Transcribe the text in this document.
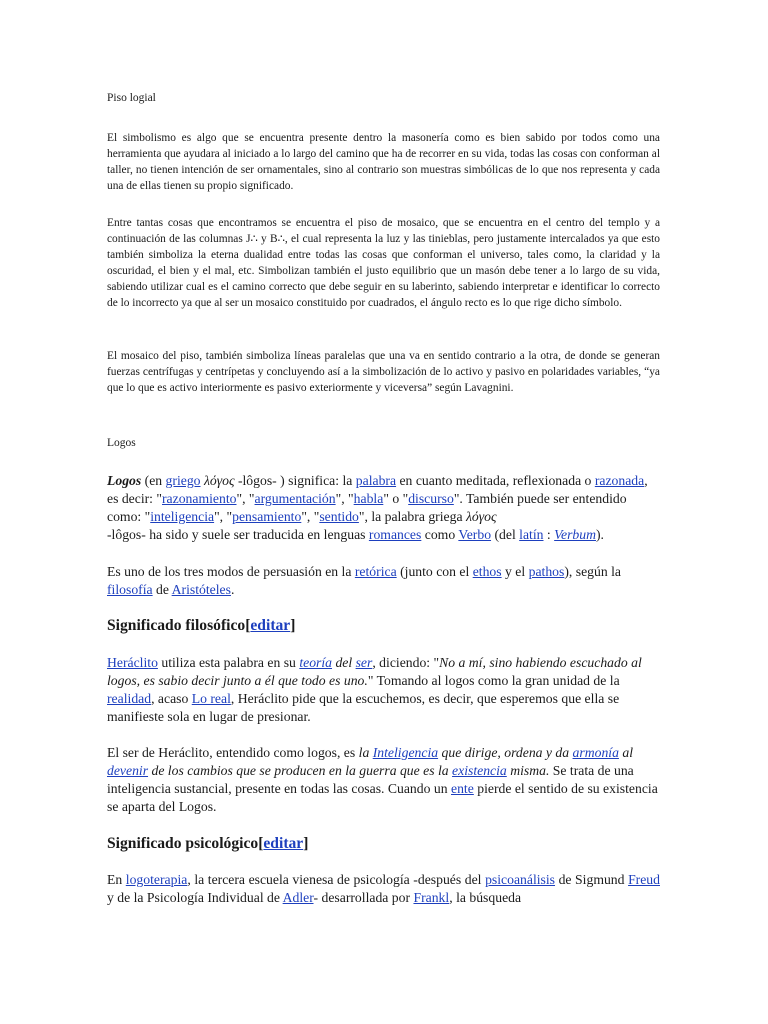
Piso logial
El simbolismo es algo que se encuentra presente dentro la masonería como es bien sabido por todos como una herramienta que ayudara al iniciado a lo largo del camino que ha de recorrer en su vida, todas las cosas con conforman al taller, no tienen intención de ser ornamentales, sino al contrario son muestras simbólicas de lo que nos representa y cada una de ellas tienen su propio significado.
Entre tantas cosas que encontramos se encuentra el piso de mosaico, que se encuentra en el centro del templo y a continuación de las columnas J∴ y B∴, el cual representa la luz y las tinieblas, pero justamente intercalados ya que esto también simboliza la eterna dualidad entre todas las cosas que conforman el universo, tales como, la claridad y la oscuridad, el bien y el mal, etc. Simbolizan también el justo equilibrio que un masón debe tener a lo largo de su vida, sabiendo utilizar cual es el camino correcto que debe seguir en su laberinto, sabiendo interpretar e identificar lo correcto de lo incorrecto ya que al ser un mosaico constituido por cuadrados, el ángulo recto es lo que rige dicho símbolo.
El mosaico del piso, también simboliza líneas paralelas que una va en sentido contrario a la otra, de donde se generan fuerzas centrífugas y centrípetas y concluyendo así a la simbolización de lo activo y pasivo en polaridades variables, “ya que lo que es activo interiormente es pasivo exteriormente y viceversa” según Lavagnini.
Logos
Logos (en griego λόγος -lôgos- ) significa: la palabra en cuanto meditada, reflexionada o razonada, es decir: "razonamiento", "argumentación", "habla" o "discurso". También puede ser entendido como: "inteligencia", "pensamiento", "sentido", la palabra griega λόγος
-lôgos- ha sido y suele ser traducida en lenguas romances como Verbo (del latín : Verbum).
Es uno de los tres modos de persuasión en la retórica (junto con el ethos y el pathos), según la filosofía de Aristóteles.
Significado filosófico[editar]
Heráclito utiliza esta palabra en su teoría del ser, diciendo: "No a mí, sino habiendo escuchado al logos, es sabio decir junto a él que todo es uno." Tomando al logos como la gran unidad de la realidad, acaso Lo real, Heráclito pide que la escuchemos, es decir, que esperemos que ella se manifieste sola en lugar de presionar.
El ser de Heráclito, entendido como logos, es la Inteligencia que dirige, ordena y da armonía al devenir de los cambios que se producen en la guerra que es la existencia misma. Se trata de una inteligencia sustancial, presente en todas las cosas. Cuando un ente pierde el sentido de su existencia se aparta del Logos.
Significado psicológico[editar]
En logoterapia, la tercera escuela vienesa de psicología -después del psicoanálisis de Sigmund Freud y de la Psicología Individual de Adler- desarrollada por Frankl, la búsqueda
